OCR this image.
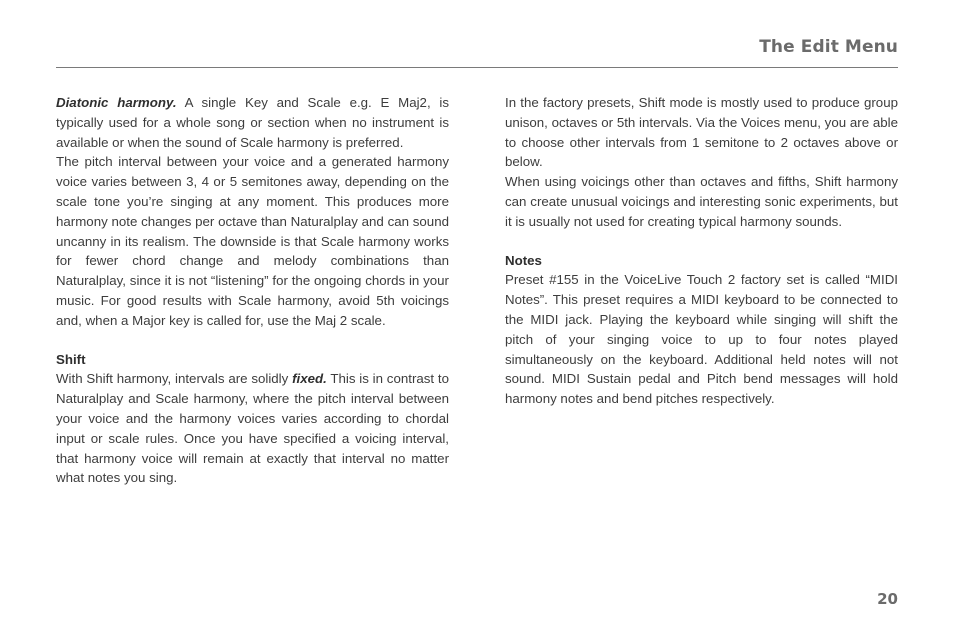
The Edit Menu

Diatonic harmony. A single Key and Scale e.g. E Maj2, is typically used for a whole song or section when no instrument is available or when the sound of Scale harmony is preferred.

The pitch interval between your voice and a generated harmony voice varies between 3, 4 or 5 semitones away, depending on the scale tone you’re singing at any moment. This produces more harmony note changes per octave than Naturalplay and can sound uncanny in its realism. The downside is that Scale harmony works for fewer chord change and melody combinations than Naturalplay, since it is not “listening” for the ongoing chords in your music. For good results with Scale harmony, avoid 5th voicings and, when a Major key is called for, use the Maj 2 scale.

Shift

With Shift harmony, intervals are solidly fixed. This is in contrast to Naturalplay and Scale harmony, where the pitch interval between your voice and the harmony voices varies according to chordal input or scale rules. Once you have specified a voicing interval, that harmony voice will remain at exactly that interval no matter what notes you sing.

In the factory presets, Shift mode is mostly used to produce group unison, octaves or 5th intervals. Via the Voices menu, you are able to choose other intervals from 1 semitone to 2 octaves above or below.

When using voicings other than octaves and fifths, Shift harmony can create unusual voicings and interesting sonic experiments, but it is usually not used for creating typical harmony sounds.

Notes

Preset #155 in the VoiceLive Touch 2 factory set is called “MIDI Notes”. This preset requires a MIDI keyboard to be connected to the MIDI jack. Playing the keyboard while singing will shift the pitch of your singing voice to up to four notes played simultaneously on the keyboard. Additional held notes will not sound. MIDI Sustain pedal and Pitch bend messages will hold harmony notes and bend pitches respectively.

20
